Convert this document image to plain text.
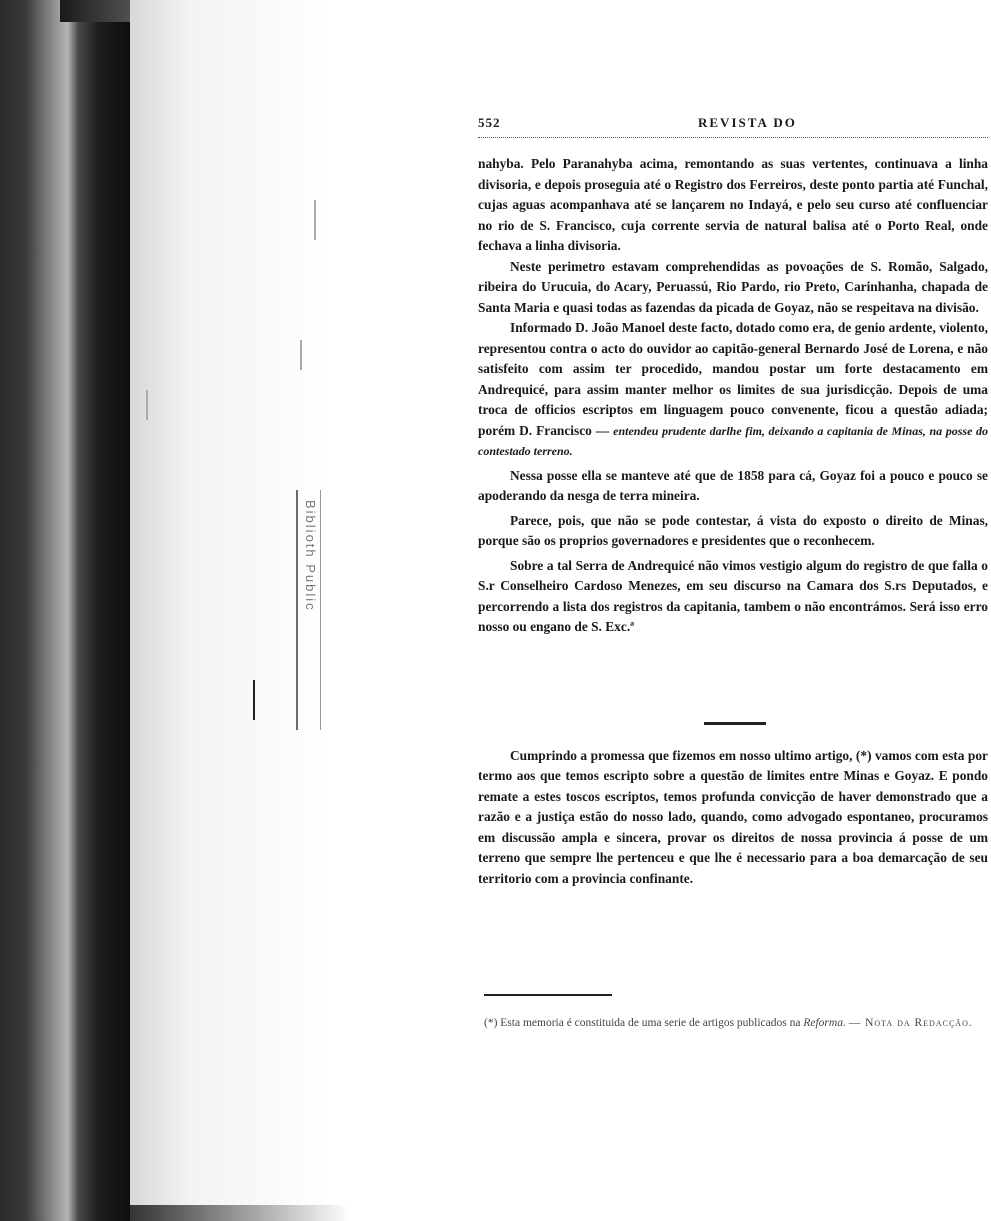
Biblioth Public
552	REVISTA DO

nahyba. Pelo Paranahyba acima, remontando as suas vertentes, continuava a linha divisoria, e depois proseguia até o Registro dos Ferreiros, deste ponto partia até Funchal, cujas aguas acompanhava até se lançarem no Indayá, e pelo seu curso até confluenciar no rio de S. Francisco, cuja corrente servia de natural balisa até o Porto Real, onde fechava a linha divisoria.

Neste perimetro estavam comprehendidas as povoações de S. Romão, Salgado, ribeira do Urucuia, do Acary, Peruassú, Rio Pardo, rio Preto, Carinhanha, chapada de Santa Maria e quasi todas as fazendas da picada de Goyaz, não se respeitava na divisão.

Informado D. João Manoel deste facto, dotado como era, de genio ardente, violento, representou contra o acto do ouvidor ao capitão-general Bernardo José de Lorena, e não satisfeito com assim ter procedido, mandou postar um forte destacamento em Andrequicé, para assim manter melhor os limites de sua jurisdicção. Depois de uma troca de officios escriptos em linguagem pouco convenente, ficou a questão adiada; porém D. Francisco — entendeu prudente darlhe fim, deixando a capitania de Minas, na posse do contestado terreno.

Nessa posse ella se manteve até que de 1858 para cá, Goyaz foi a pouco e pouco se apoderando da nesga de terra mineira.

Parece, pois, que não se pode contestar, á vista do exposto o direito de Minas, porque são os proprios governadores e presidentes que o reconhecem.

Sobre a tal Serra de Andrequicé não vimos vestigio algum do registro de que falla o S.r Conselheiro Cardoso Menezes, em seu discurso na Camara dos S.rs Deputados, e percorrendo a lista dos registros da capitania, tambem o não encontrámos. Será isso erro nosso ou engano de S. Exc.ª

Cumprindo a promessa que fizemos em nosso ultimo artigo, (*) vamos com esta por termo aos que temos escripto sobre a questão de limites entre Minas e Goyaz. E pondo remate a estes toscos escriptos, temos profunda convicção de haver demonstrado que a razão e a justiça estão do nosso lado, quando, como advogado espontaneo, procuramos em discussão ampla e sincera, provar os direitos de nossa provincia á posse de um terreno que sempre lhe pertenceu e que lhe é necessario para a boa demarcação de seu territorio com a provincia confinante.

(*) Esta memoria é constituida de uma serie de artigos publicados na Reforma. — Nota da Redacção.
